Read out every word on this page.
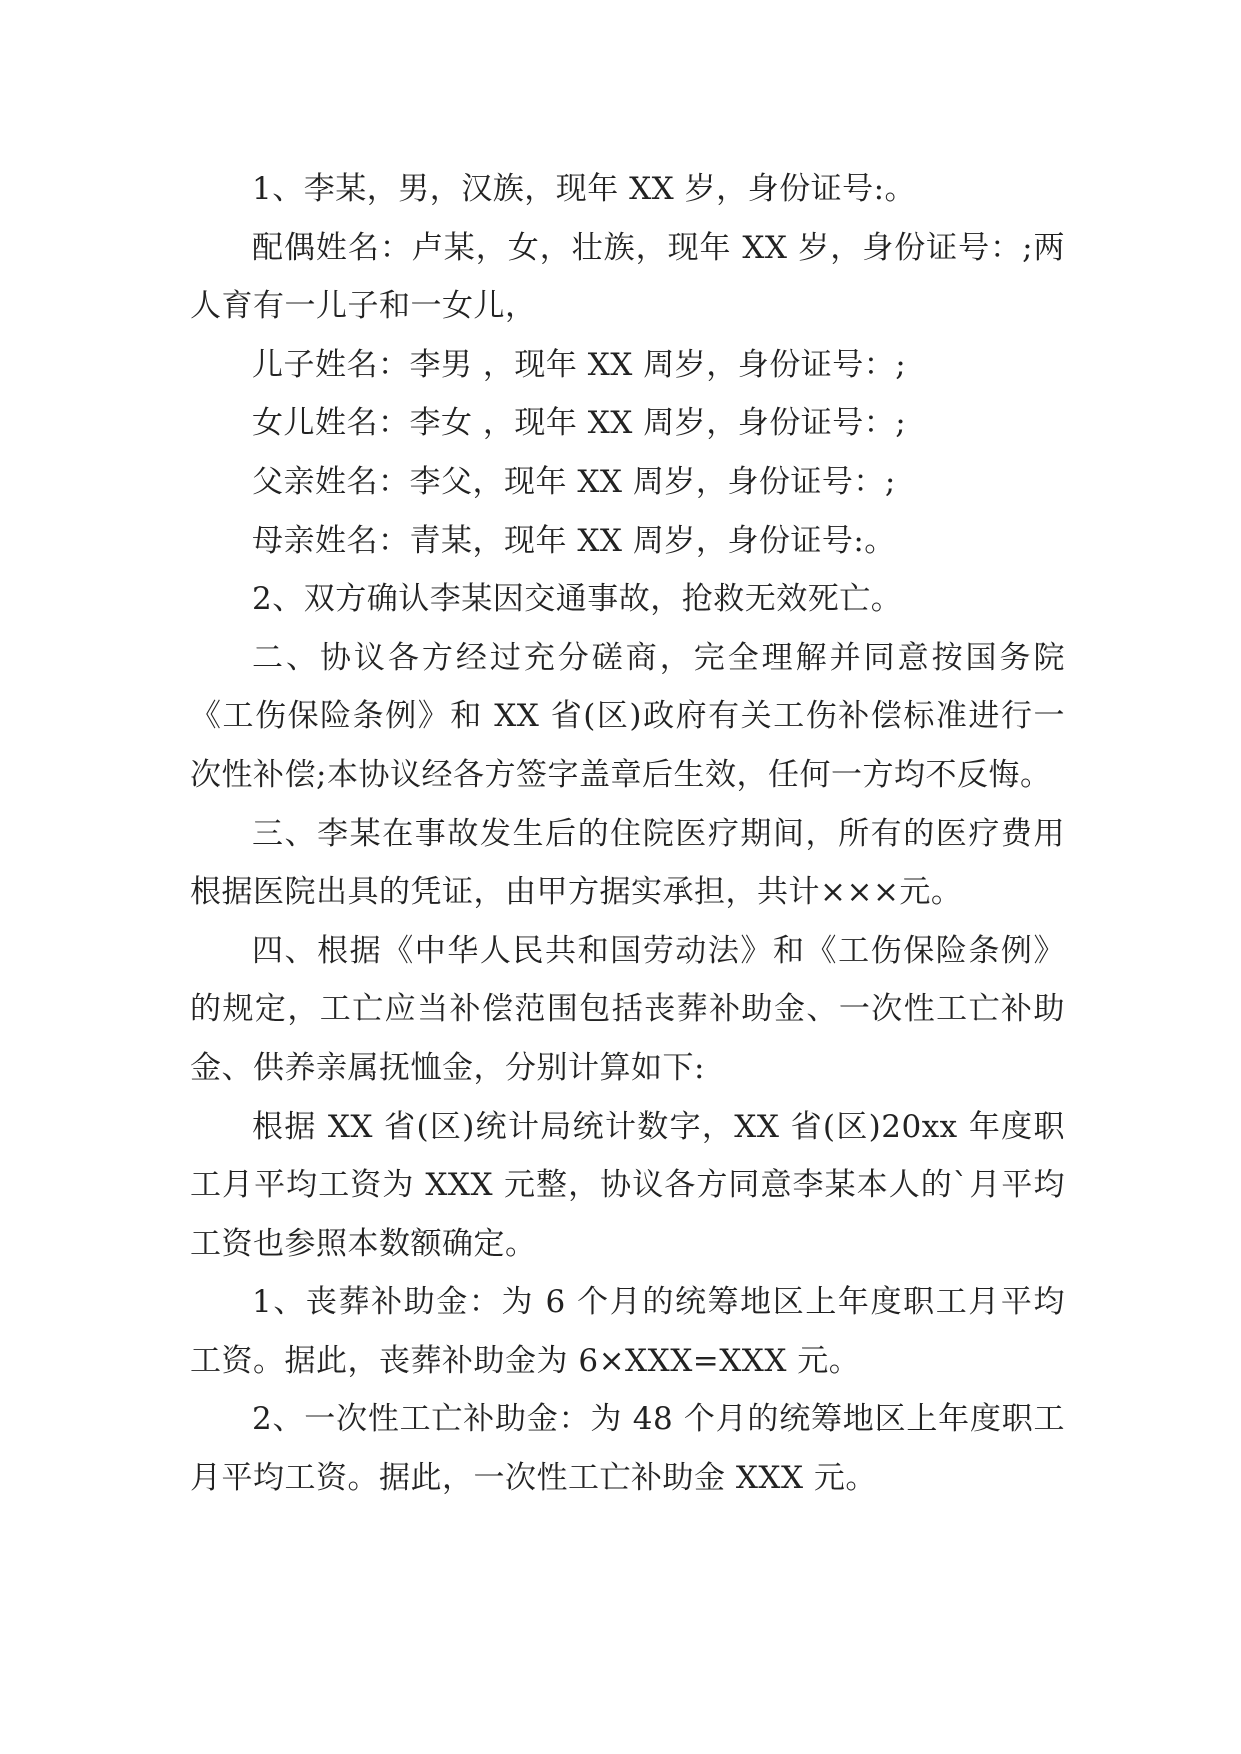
1、李某，男，汉族，现年 XX 岁，身份证号:。

配偶姓名：卢某，女，壮族，现年 XX 岁，身份证号：;两人育有一儿子和一女儿，

儿子姓名：李男 ，现年 XX 周岁，身份证号：;

女儿姓名：李女 ，现年 XX 周岁，身份证号：;

父亲姓名：李父，现年 XX 周岁，身份证号：;

母亲姓名：青某，现年 XX 周岁，身份证号:。

2、双方确认李某因交通事故，抢救无效死亡。

二、协议各方经过充分磋商，完全理解并同意按国务院《工伤保险条例》和 XX 省(区)政府有关工伤补偿标准进行一次性补偿;本协议经各方签字盖章后生效，任何一方均不反悔。

三、李某在事故发生后的住院医疗期间，所有的医疗费用根据医院出具的凭证，由甲方据实承担，共计×××元。

四、根据《中华人民共和国劳动法》和《工伤保险条例》的规定，工亡应当补偿范围包括丧葬补助金、一次性工亡补助金、供养亲属抚恤金，分别计算如下:

根据 XX 省(区)统计局统计数字，XX 省(区)20xx 年度职工月平均工资为 XXX 元整，协议各方同意李某本人的`月平均工资也参照本数额确定。

1、丧葬补助金：为 6 个月的统筹地区上年度职工月平均工资。据此，丧葬补助金为 6×XXX=XXX 元。

2、一次性工亡补助金：为 48 个月的统筹地区上年度职工月平均工资。据此，一次性工亡补助金 XXX 元。
